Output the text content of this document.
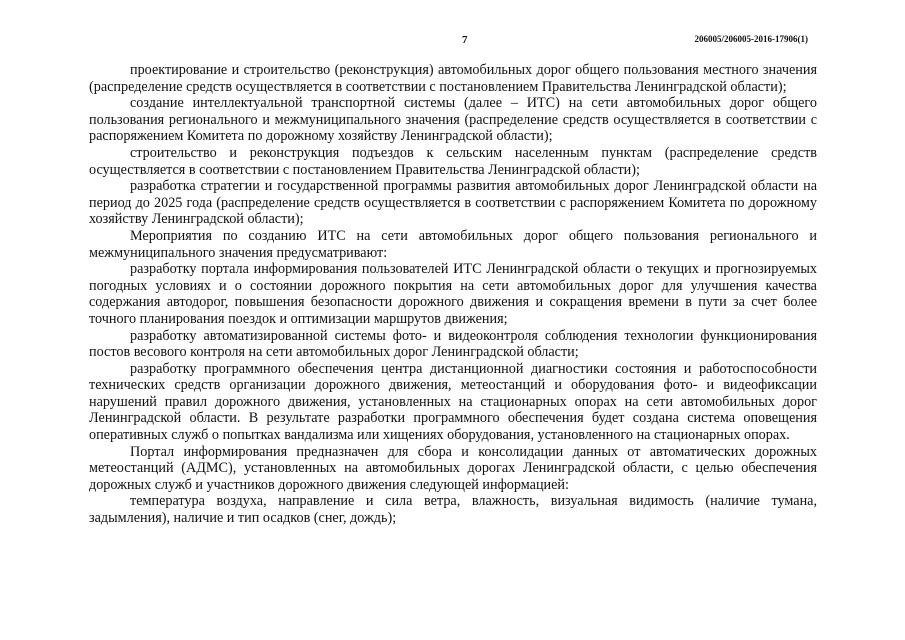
7	206005/206005-2016-17906(1)

проектирование и строительство (реконструкция) автомобильных дорог общего пользования местного значения (распределение средств осуществляется в соответствии с постановлением Правительства Ленинградской области);

создание интеллектуальной транспортной системы (далее – ИТС) на сети автомобильных дорог общего пользования регионального и межмуниципального значения (распределение средств осуществляется в соответствии с распоряжением Комитета по дорожному хозяйству Ленинградской области);

строительство и реконструкция подъездов к сельским населенным пунктам (распределение средств осуществляется в соответствии с постановлением Правительства Ленинградской области);

разработка стратегии и государственной программы развития автомобильных дорог Ленинградской области на период до 2025 года (распределение средств осуществляется в соответствии с распоряжением Комитета по дорожному хозяйству Ленинградской области);

Мероприятия по созданию ИТС на сети автомобильных дорог общего пользования регионального и межмуниципального значения предусматривают:

разработку портала информирования пользователей ИТС Ленинградской области о текущих и прогнозируемых погодных условиях и о состоянии дорожного покрытия на сети автомобильных дорог для улучшения качества содержания автодорог, повышения безопасности дорожного движения и сокращения времени в пути за счет более точного планирования поездок и оптимизации маршрутов движения;

разработку автоматизированной системы фото- и видеоконтроля соблюдения технологии функционирования постов весового контроля на сети автомобильных дорог Ленинградской области;

разработку программного обеспечения центра дистанционной диагностики состояния и работоспособности технических средств организации дорожного движения, метеостанций и оборудования фото- и видеофиксации нарушений правил дорожного движения, установленных на стационарных опорах на сети автомобильных дорог Ленинградской области. В результате разработки программного обеспечения будет создана система оповещения оперативных служб о попытках вандализма или хищениях оборудования, установленного на стационарных опорах.

Портал информирования предназначен для сбора и консолидации данных от автоматических дорожных метеостанций (АДМС), установленных на автомобильных дорогах Ленинградской области, с целью обеспечения дорожных служб и участников дорожного движения следующей информацией:

температура воздуха, направление и сила ветра, влажность, визуальная видимость (наличие тумана, задымления), наличие и тип осадков (снег, дождь);
